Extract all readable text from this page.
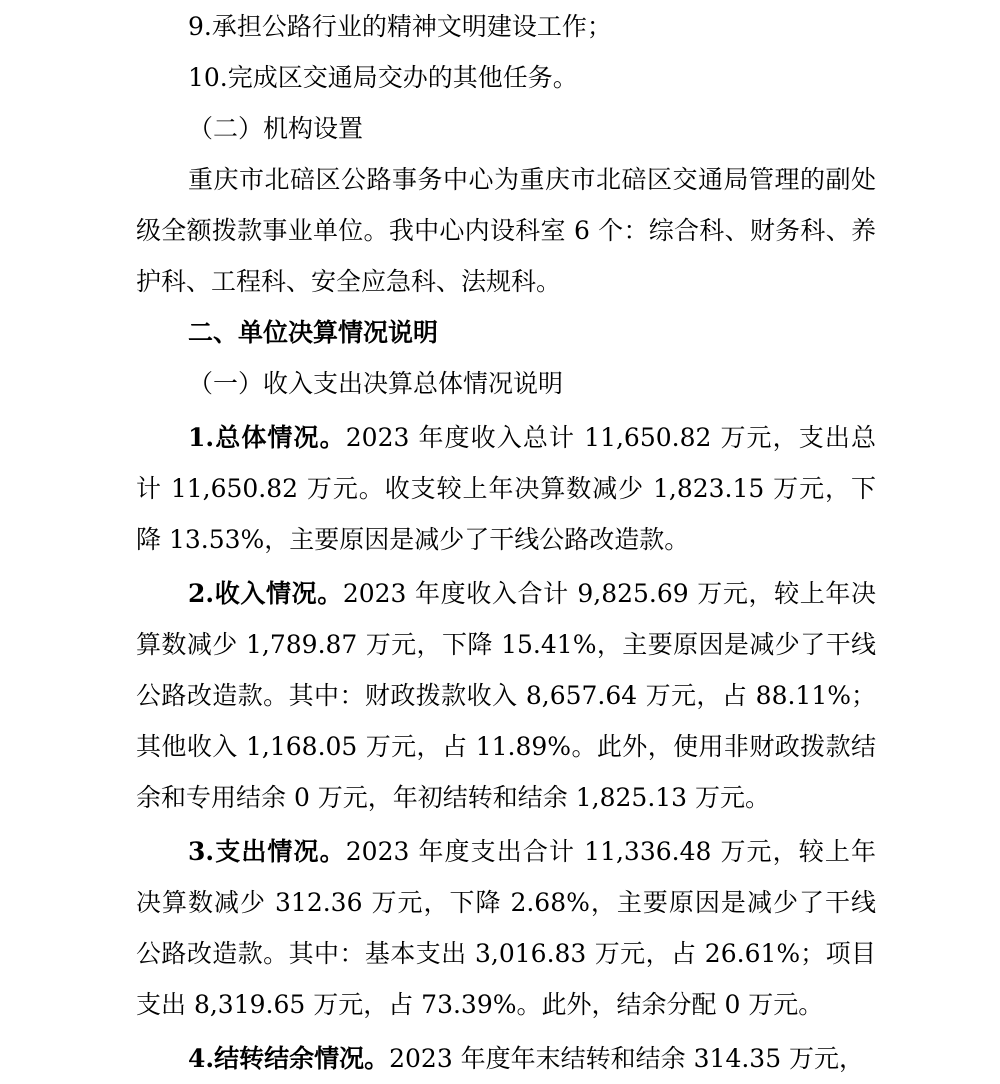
9.承担公路行业的精神文明建设工作；

10.完成区交通局交办的其他任务。

（二）机构设置

重庆市北碚区公路事务中心为重庆市北碚区交通局管理的副处级全额拨款事业单位。我中心内设科室 6 个：综合科、财务科、养护科、工程科、安全应急科、法规科。

二、单位决算情况说明

（一）收入支出决算总体情况说明

1.总体情况。2023 年度收入总计 11,650.82 万元，支出总计 11,650.82 万元。收支较上年决算数减少 1,823.15 万元，下降 13.53%，主要原因是减少了干线公路改造款。

2.收入情况。2023 年度收入合计 9,825.69 万元，较上年决算数减少 1,789.87 万元，下降 15.41%，主要原因是减少了干线公路改造款。其中：财政拨款收入 8,657.64 万元，占 88.11%；其他收入 1,168.05 万元，占 11.89%。此外，使用非财政拨款结余和专用结余 0 万元，年初结转和结余 1,825.13 万元。

3.支出情况。2023 年度支出合计 11,336.48 万元，较上年决算数减少 312.36 万元，下降 2.68%，主要原因是减少了干线公路改造款。其中：基本支出 3,016.83 万元，占 26.61%；项目支出 8,319.65 万元，占 73.39%。此外，结余分配 0 万元。

4.结转结余情况。2023 年度年末结转和结余 314.35 万元，
